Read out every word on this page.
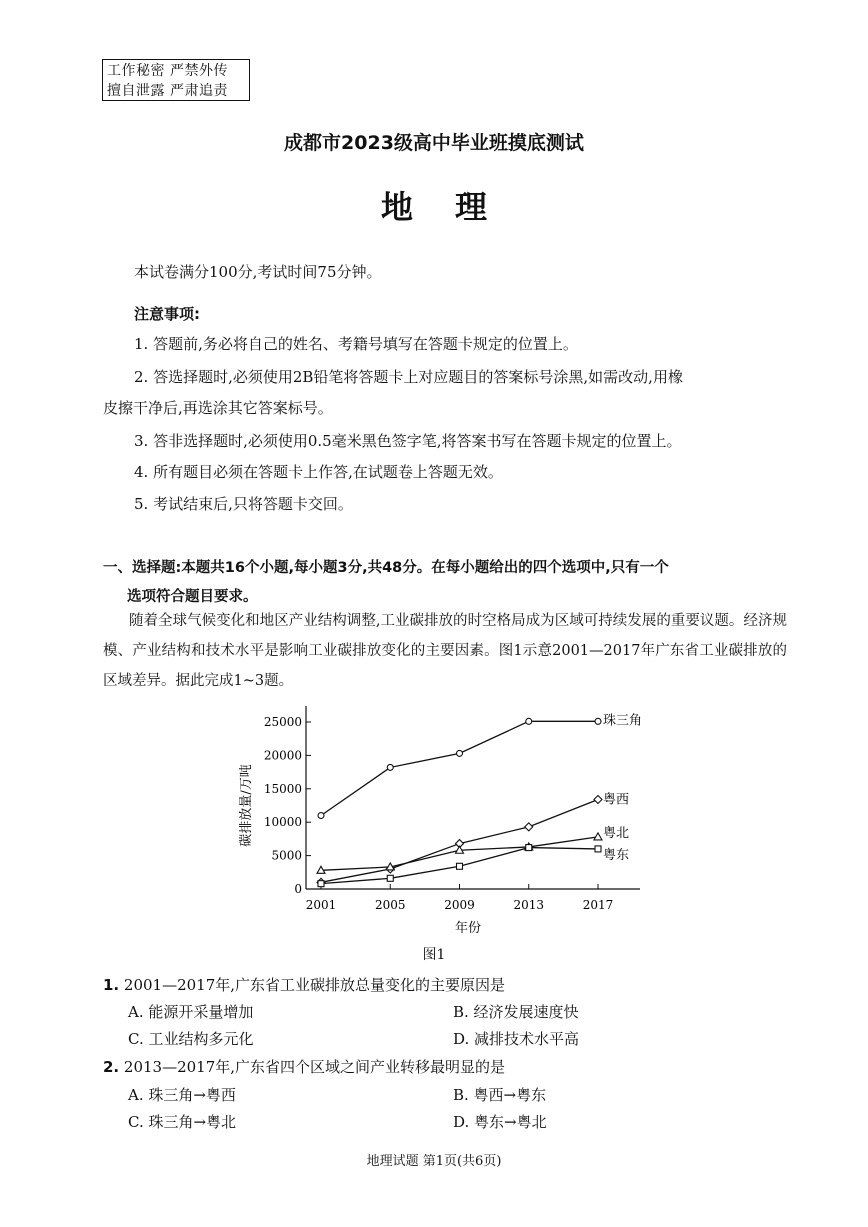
工作秘密 严禁外传
擅自泄露 严肃追责
成都市2023级高中毕业班摸底测试
地理
本试卷满分100分,考试时间75分钟。
注意事项:
1. 答题前,务必将自己的姓名、考籍号填写在答题卡规定的位置上。
2. 答选择题时,必须使用2B铅笔将答题卡上对应题目的答案标号涂黑,如需改动,用橡
皮擦干净后,再选涂其它答案标号。
3. 答非选择题时,必须使用0.5毫米黑色签字笔,将答案书写在答题卡规定的位置上。
4. 所有题目必须在答题卡上作答,在试题卷上答题无效。
5. 考试结束后,只将答题卡交回。
一、选择题:本题共16个小题,每小题3分,共48分。在每小题给出的四个选项中,只有一个
选项符合题目要求。
随着全球气候变化和地区产业结构调整,工业碳排放的时空格局成为区域可持续发展的重要议题。经济规模、产业结构和技术水平是影响工业碳排放变化的主要因素。图1示意2001—2017年广东省工业碳排放的区域差异。据此完成1~3题。
0
5000
10000
15000
20000
25000
2001	2005	2009	2013	2017
年份
碳排放量/万吨
珠三角
粤西
粤北
粤东
图1
1. 2001—2017年,广东省工业碳排放总量变化的主要原因是
A. 能源开采量增加	B. 经济发展速度快
C. 工业结构多元化	D. 减排技术水平高
2. 2013—2017年,广东省四个区域之间产业转移最明显的是
A. 珠三角→粤西	B. 粤西→粤东
C. 珠三角→粤北	D. 粤东→粤北
地理试题 第1页(共6页)
